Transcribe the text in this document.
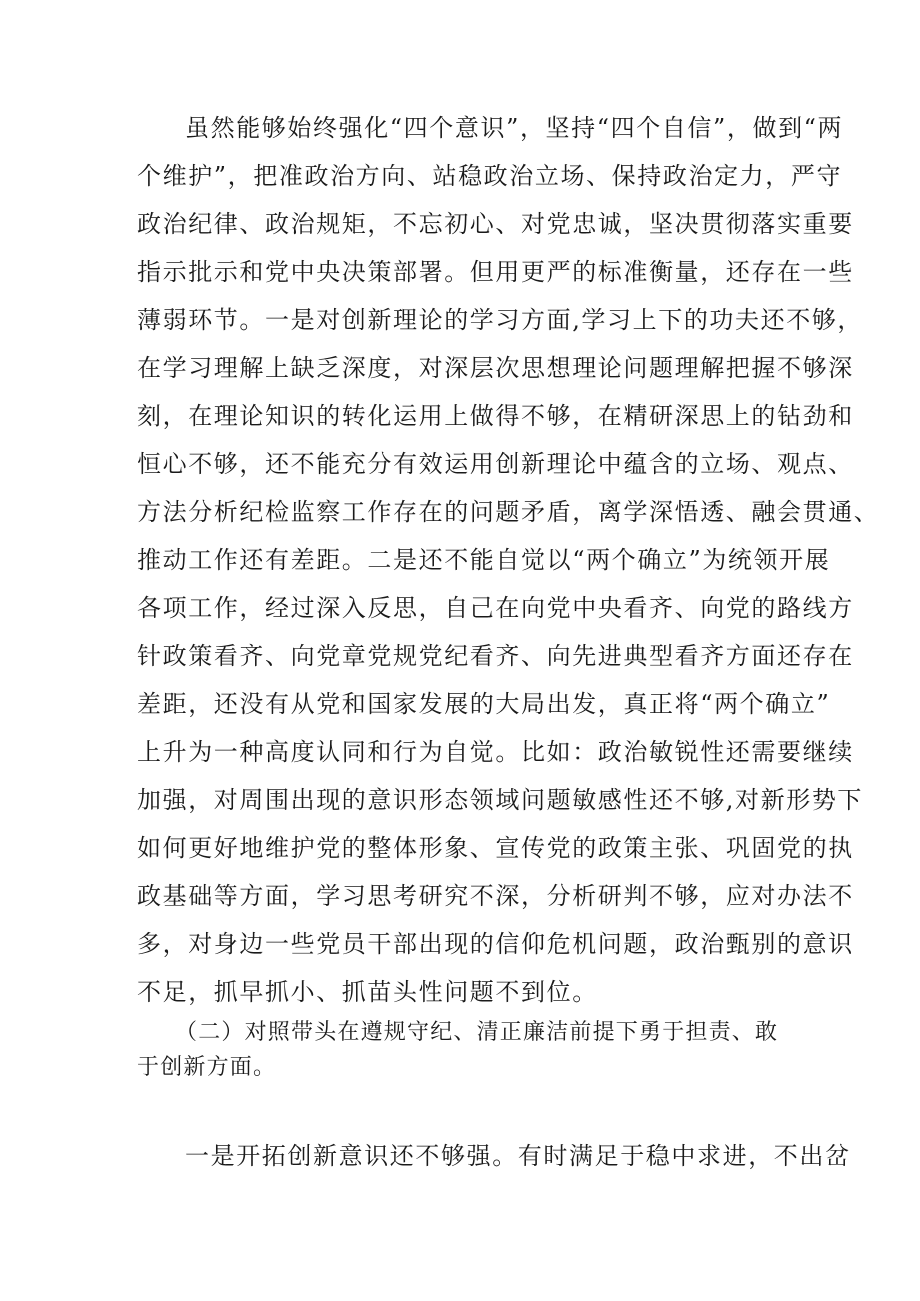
虽然能够始终强化“四个意识”，坚持“四个自信”，做到“两

个维护”，把准政治方向、站稳政治立场、保持政治定力，严守

政治纪律、政治规矩，不忘初心、对党忠诚，坚决贯彻落实重要

指示批示和党中央决策部署。但用更严的标准衡量，还存在一些

薄弱环节。一是对创新理论的学习方面,学习上下的功夫还不够，

在学习理解上缺乏深度，对深层次思想理论问题理解把握不够深

刻，在理论知识的转化运用上做得不够，在精研深思上的钻劲和

恒心不够，还不能充分有效运用创新理论中蕴含的立场、观点、

方法分析纪检监察工作存在的问题矛盾，离学深悟透、融会贯通、

推动工作还有差距。二是还不能自觉以“两个确立”为统领开展

各项工作，经过深入反思，自己在向党中央看齐、向党的路线方

针政策看齐、向党章党规党纪看齐、向先进典型看齐方面还存在

差距，还没有从党和国家发展的大局出发，真正将“两个确立”

上升为一种高度认同和行为自觉。比如：政治敏锐性还需要继续

加强，对周围出现的意识形态领域问题敏感性还不够,对新形势下

如何更好地维护党的整体形象、宣传党的政策主张、巩固党的执

政基础等方面，学习思考研究不深，分析研判不够，应对办法不

多，对身边一些党员干部出现的信仰危机问题，政治甄别的意识

不足，抓早抓小、抓苗头性问题不到位。

（二）对照带头在遵规守纪、清正廉洁前提下勇于担责、敢

于创新方面。

一是开拓创新意识还不够强。有时满足于稳中求进，不出岔
